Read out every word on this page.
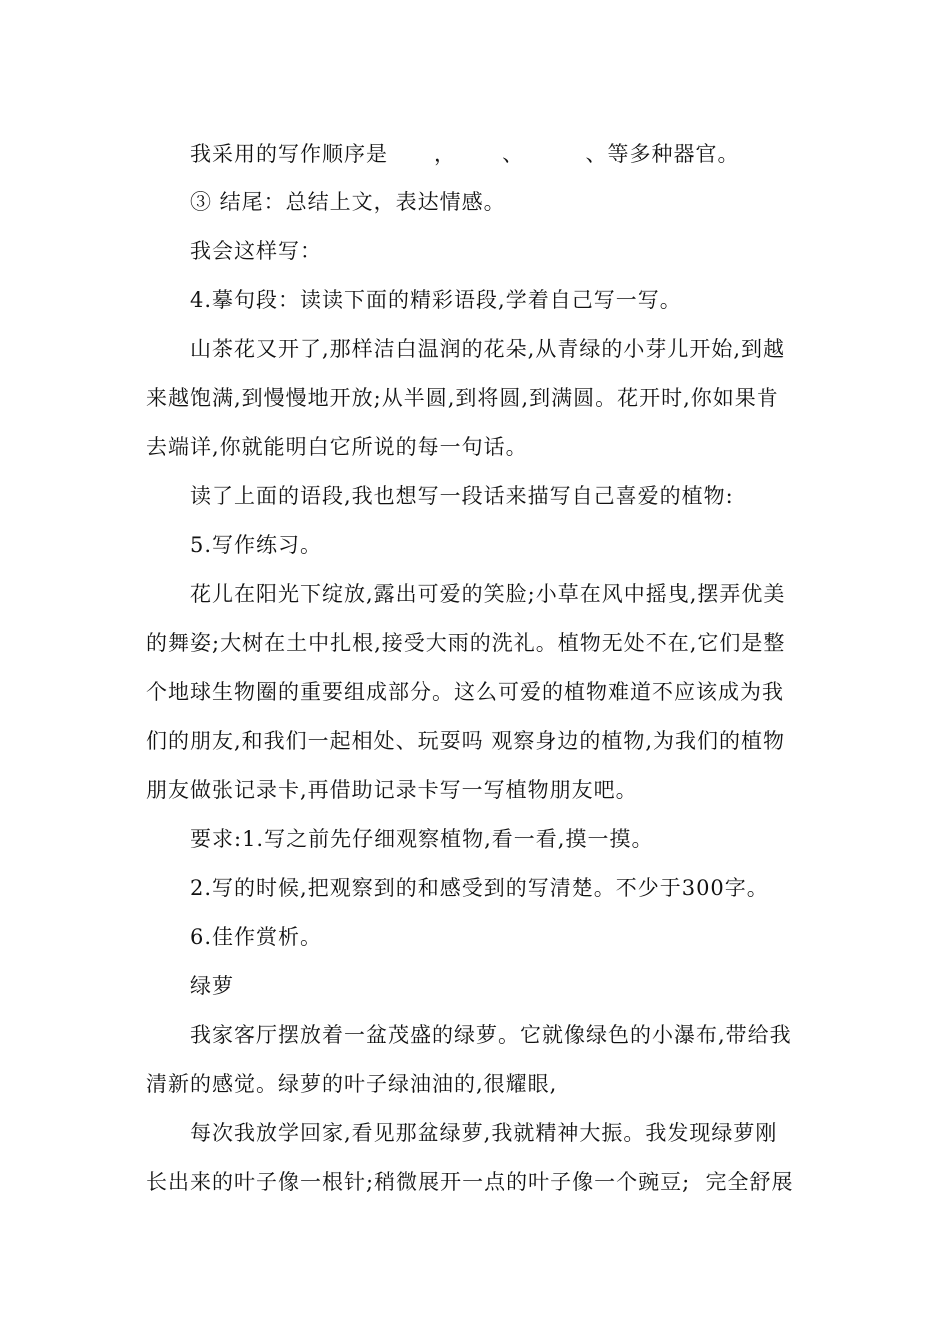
我采用的写作顺序是      ，      、        、等多种器官。
③ 结尾：总结上文，表达情感。
我会这样写：
4.摹句段：读读下面的精彩语段,学着自己写一写。
山茶花又开了,那样洁白温润的花朵,从青绿的小芽儿开始,到越
来越饱满,到慢慢地开放;从半圆,到将圆,到满圆。花开时,你如果肯
去端详,你就能明白它所说的每一句话。
读了上面的语段,我也想写一段话来描写自己喜爱的植物:
5.写作练习。
花儿在阳光下绽放,露出可爱的笑脸;小草在风中摇曳,摆弄优美
的舞姿;大树在土中扎根,接受大雨的洗礼。植物无处不在,它们是整
个地球生物圈的重要组成部分。这么可爱的植物难道不应该成为我
们的朋友,和我们一起相处、玩耍吗 观察身边的植物,为我们的植物
朋友做张记录卡,再借助记录卡写一写植物朋友吧。
要求:1.写之前先仔细观察植物,看一看,摸一摸。
2.写的时候,把观察到的和感受到的写清楚。不少于300字。
6.佳作赏析。
绿萝
我家客厅摆放着一盆茂盛的绿萝。它就像绿色的小瀑布,带给我
清新的感觉。绿萝的叶子绿油油的,很耀眼,
每次我放学回家,看见那盆绿萝,我就精神大振。我发现绿萝刚
长出来的叶子像一根针;稍微展开一点的叶子像一个豌豆;  完全舒展
